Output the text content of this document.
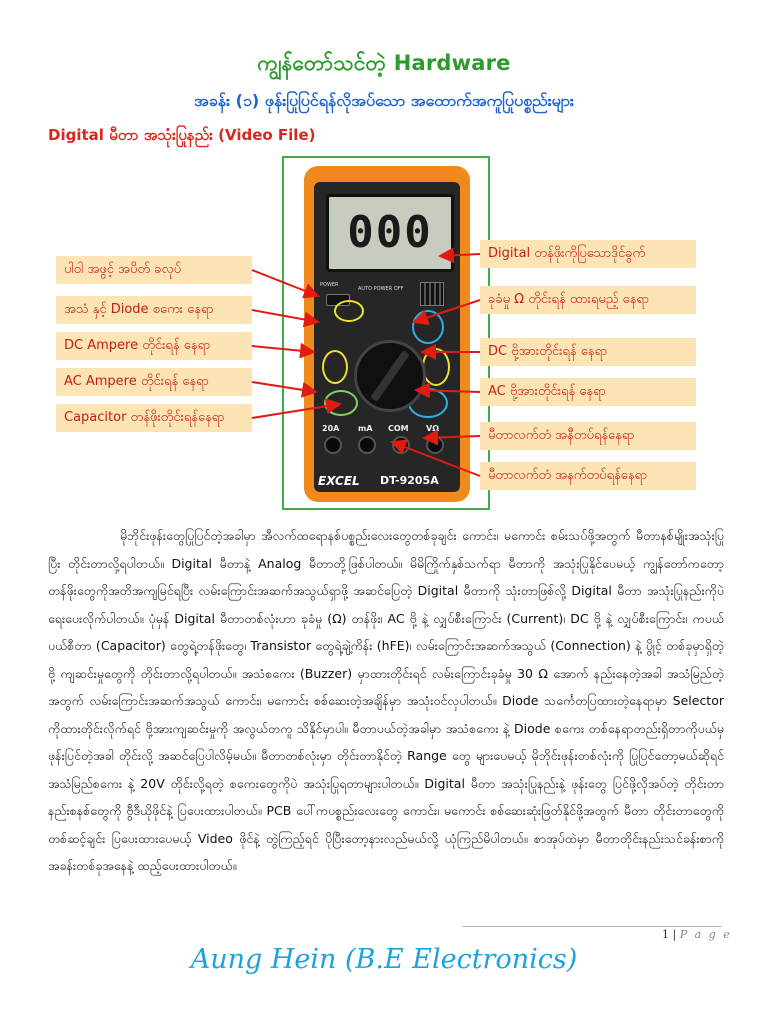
ကျွန်တော်သင်တဲ့ Hardware
အခန်း (၁) ဖုန်းပြုပြင်ရန်လိုအပ်သော အထောက်အကူပြုပစ္စည်းများ
Digital မီတာ အသုံးပြုနည်း (Video File)
000
POWER
AUTO POWER OFF
20A mA COM VΩ
EXCEL DT-9205A
ပါဝါ အဖွင့် အပိတ် ခလုပ်
အသံ နှင့် Diode စကေး နေရာ
DC Ampere တိုင်းရန် နေရာ
AC Ampere တိုင်းရန် နေရာ
Capacitor တန်ဖိုးတိုင်းရန်နေရာ
Digital တန်ဖိုးကိုပြသောဒိုင်ခွက်
ခုခံမှု Ω တိုင်းရန် ထားရမည့် နေရာ
DC ဗို့အားတိုင်းရန် နေရာ
AC ဗို့အားတိုင်းရန် နေရာ
မီတာလက်တံ အနီတပ်ရန်နေရာ
မီတာလက်တံ အနက်တပ်ရန်နေရာ
မိုဘိုင်းဖုန်းတွေပြုပြင်တဲ့အခါမှာ အီလက်ထရောနစ်ပစ္စည်းလေးတွေတစ်ခုချင်း ကောင်း၊ မကောင်း စမ်းသပ်ဖို့အတွက် မီတာနစ်မျိုးအသုံးပြုပြီး တိုင်းတာလို့ရပါတယ်။ Digital မီတာနဲ့ Analog မီတာတို့ဖြစ်ပါတယ်။ မိမိကြိုက်နှစ်သက်ရာ မီတာကို အသုံးပြုနိုင်ပေမယ့် ကျွန်တော်ကတော့ တန်ဖိုးတွေကိုအတိအကျမြင်ရပြီး လမ်းကြောင်းအဆက်အသွယ်ရှာဖို့ အဆင်ပြေတဲ့ Digital မီတာကို သုံးတာဖြစ်လို့ Digital မီတာ အသုံးပြုနည်းကိုပဲ ရေးပေးလိုက်ပါတယ်။ ပုံမှန် Digital မီတာတစ်လုံးဟာ ခုခံမှု (Ω) တန်ဖိုး၊ AC ဗို့ နဲ့ လျှပ်စီးကြောင်း (Current)၊ DC ဗို့ နဲ့ လျှပ်စီးကြောင်း၊ ကပယ်ပယ်စီတာ (Capacitor) တွေရဲ့တန်ဖိုးတွေ၊ Transistor တွေရဲ့ချဲ့ကိန်း (hFE)၊ လမ်းကြောင်းအဆက်အသွယ် (Connection) နဲ့ ပွိုင့် တစ်ခုမှာရှိတဲ့ ဗို့ ကျဆင်းမှုတွေကို တိုင်းတာလို့ရပါတယ်။ အသံစကေး (Buzzer) မှာထားတိုင်းရင် လမ်းကြောင်းခုခံမှု 30 Ω အောက် နည်းနေတဲ့အခါ အသံမြည်တဲ့အတွက် လမ်းကြောင်းအဆက်အသွယ် ကောင်း၊ မကောင်း စစ်ဆေးတဲ့အချိန်မှာ အသုံးဝင်လှပါတယ်။ Diode သင်္ကေတပြထားတဲ့နေရာမှာ Selector ကိုထားတိုင်းလိုက်ရင် ဗို့အားကျဆင်းမှုကို အလွယ်တကူ သိနိုင်မှာပါ။ မီတာပယ်တဲ့အခါမှာ အသံစကေး နဲ့ Diode စကေး တစ်နေရာတည်းရှိတာကိုပယ်မှ ဖုန်းပြင်တဲ့အခါ တိုင်းလို့ အဆင်ပြေပါလိမ့်မယ်။ မီတာတစ်လုံးမှာ တိုင်းတာနိုင်တဲ့ Range တွေ များပေမယ့် မိုဘိုင်းဖုန်းတစ်လုံးကို ပြုပြင်တော့မယ်ဆိုရင် အသံမြည်စကေး နဲ့ 20V တိုင်းလို့ရတဲ့ စကေးတွေကိုပဲ အသုံးပြုရတာများပါတယ်။ Digital မီတာ အသုံးပြုနည်းနဲ့ ဖုန်းတွေ ပြင်ဖို့လိုအပ်တဲ့ တိုင်းတာနည်းစနစ်တွေကို ဗွီဒီယိုဖိုင်နဲ့ ပြပေးထားပါတယ်။ PCB ပေါ်ကပစ္စည်းလေးတွေ ကောင်း၊ မကောင်း စစ်ဆေးဆုံးဖြတ်နိုင်ဖို့အတွက် မီတာ တိုင်းတာတွေကို တစ်ဆင့်ချင်း ပြပေးထားပေမယ့် Video ဖိုင်နဲ့ တွဲကြည့်ရင် ပိုပြီးတော့နားလည်မယ်လို့ ယုံကြည်မိပါတယ်။ စာအုပ်ထဲမှာ မီတာတိုင်းနည်းသင်ခန်းစာကို အခန်းတစ်ခုအနေနဲ့ ထည့်ပေးထားပါတယ်။
1 | P a g e
Aung Hein (B.E Electronics)
